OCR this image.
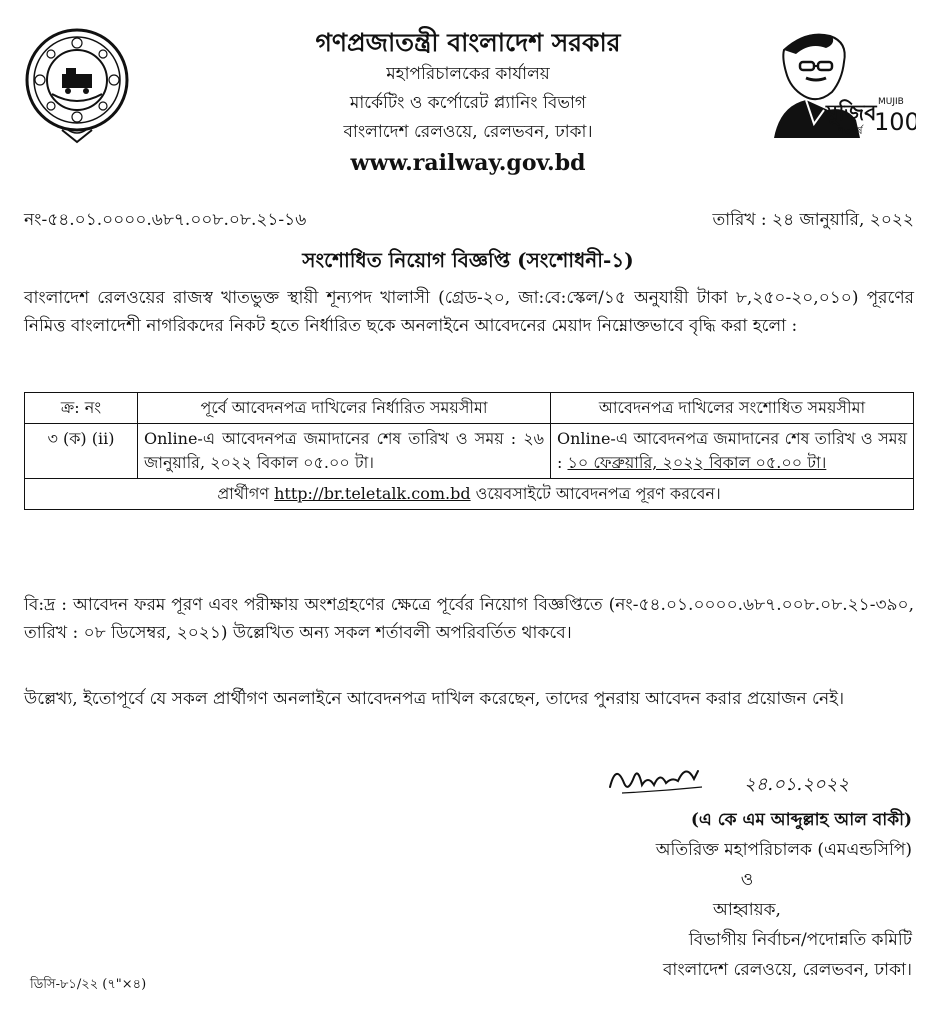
মুজিব MUJIB
100
শতবর্ষ
গণপ্রজাতন্ত্রী বাংলাদেশ সরকার
মহাপরিচালকের কার্যালয়
মার্কেটিং ও কর্পোরেট প্ল্যানিং বিভাগ
বাংলাদেশ রেলওয়ে, রেলভবন, ঢাকা।
www.railway.gov.bd
নং-৫৪.০১.০০০০.৬৮৭.০০৮.০৮.২১-১৬	তারিখ : ২৪ জানুয়ারি, ২০২২
সংশোধিত নিয়োগ বিজ্ঞপ্তি (সংশোধনী-১)
বাংলাদেশ রেলওয়ের রাজস্ব খাতভুক্ত স্থায়ী শূন্যপদ খালাসী (গ্রেড-২০, জা:বে:স্কেল/১৫ অনুযায়ী টাকা ৮,২৫০-২০,০১০) পূরণের নিমিত্ত বাংলাদেশী নাগরিকদের নিকট হতে নির্ধারিত ছকে অনলাইনে আবেদনের মেয়াদ নিম্নোক্তভাবে বৃদ্ধি করা হলো :
ক্র: নং	পূর্বে আবেদনপত্র দাখিলের নির্ধারিত সময়সীমা	আবেদনপত্র দাখিলের সংশোধিত সময়সীমা
৩ (ক) (ii)	Online-এ আবেদনপত্র জমাদানের শেষ তারিখ ও সময় : ২৬ জানুয়ারি, ২০২২ বিকাল ০৫.০০ টা।	Online-এ আবেদনপত্র জমাদানের শেষ তারিখ ও সময় : ১০ ফেব্রুয়ারি, ২০২২ বিকাল ০৫.০০ টা।
প্রার্থীগণ http://br.teletalk.com.bd ওয়েবসাইটে আবেদনপত্র পূরণ করবেন।		
বি:দ্র : আবেদন ফরম পূরণ এবং পরীক্ষায় অংশগ্রহণের ক্ষেত্রে পূর্বের নিয়োগ বিজ্ঞপ্তিতে (নং-৫৪.০১.০০০০.৬৮৭.০০৮.০৮.২১-৩৯০, তারিখ : ০৮ ডিসেম্বর, ২০২১) উল্লেখিত অন্য সকল শর্তাবলী অপরিবর্তিত থাকবে।
উল্লেখ্য, ইতোপূর্বে যে সকল প্রার্থীগণ অনলাইনে আবেদনপত্র দাখিল করেছেন, তাদের পুনরায় আবেদন করার প্রয়োজন নেই।
২৪.০১.২০২২
(এ কে এম আব্দুল্লাহ আল বাকী)
অতিরিক্ত মহাপরিচালক (এমএন্ডসিপি)
ও
আহ্বায়ক,
বিভাগীয় নির্বাচন/পদোন্নতি কমিটি
বাংলাদেশ রেলওয়ে, রেলভবন, ঢাকা।
ডিসি-৮১/২২ (৭"×৪)
